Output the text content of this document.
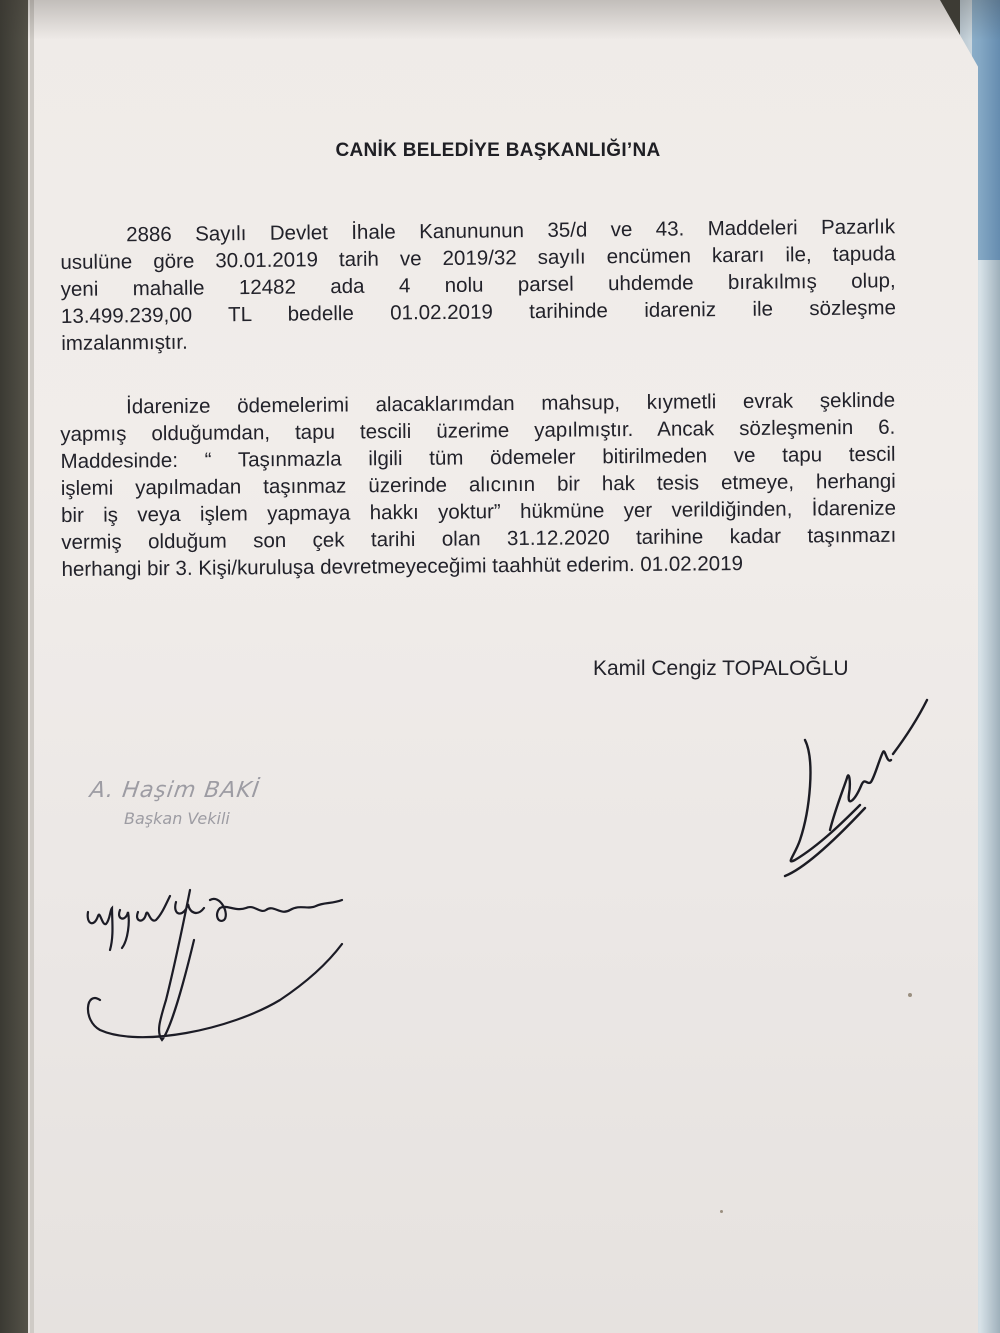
CANİK BELEDİYE BAŞKANLIĞI’NA
2886 Sayılı Devlet İhale Kanununun 35/d ve 43. Maddeleri Pazarlık
usulüne göre 30.01.2019 tarih ve 2019/32 sayılı encümen kararı ile, tapuda
yeni mahalle 12482 ada 4 nolu parsel uhdemde bırakılmış olup,
13.499.239,00 TL bedelle 01.02.2019 tarihinde idareniz ile sözleşme
imzalanmıştır.
İdarenize ödemelerimi alacaklarımdan mahsup, kıymetli evrak şeklinde
yapmış olduğumdan, tapu tescili üzerime yapılmıştır. Ancak sözleşmenin 6.
Maddesinde: “ Taşınmazla ilgili tüm ödemeler bitirilmeden ve tapu tescil
işlemi yapılmadan taşınmaz üzerinde alıcının bir hak tesis etmeye, herhangi
bir iş veya işlem yapmaya hakkı yoktur” hükmüne yer verildiğinden, İdarenize
vermiş olduğum son çek tarihi olan 31.12.2020 tarihine kadar taşınmazı
herhangi bir 3. Kişi/kuruluşa devretmeyeceğimi taahhüt ederim. 01.02.2019
Kamil Cengiz TOPALOĞLU
A. Haşim BAKİ
Başkan Vekili
